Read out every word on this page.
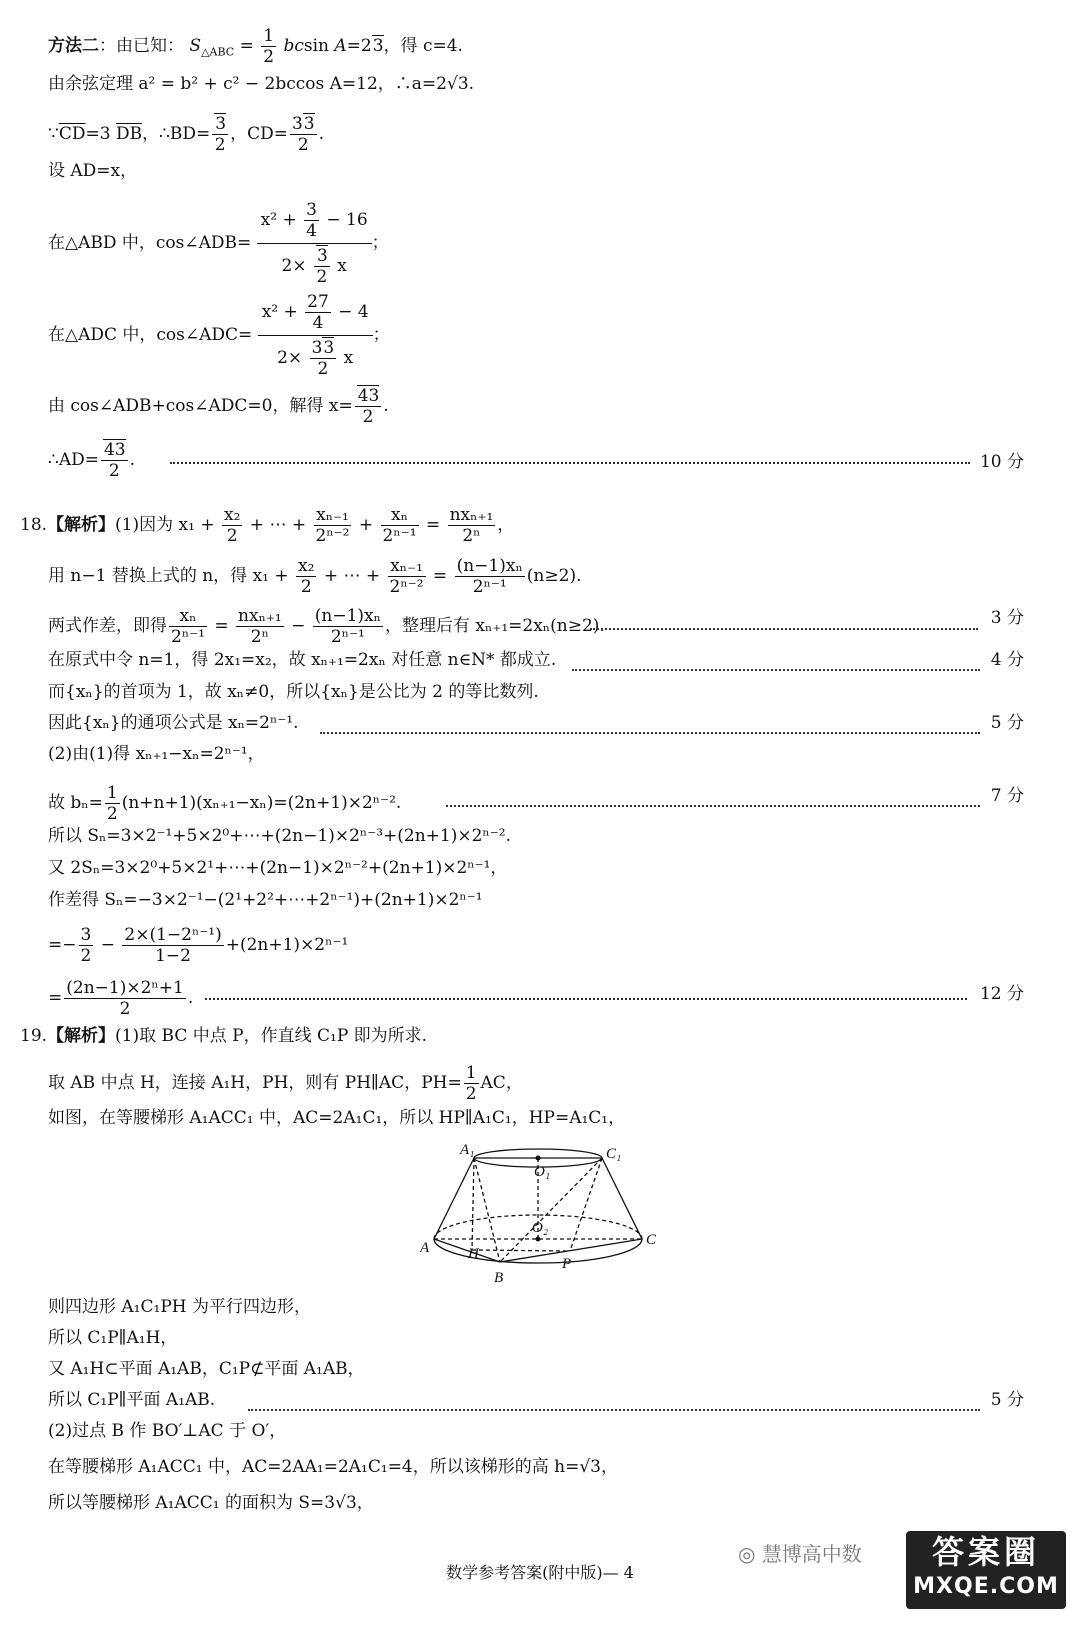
方法二：由已知： $S_{\triangle ABC} = \frac{1}{2}$ bcsin A=23，得 c=4.
由余弦定理 a² = b² + c² − 2bccos A=12，∴a=2√3.
$\because\overline{CD}=3$ $\overline{DB}$，∴BD= $\frac{3}{2}$ ，$CD= \frac{33}{2}$ .
设 AD=x，
在△ABD 中，cos∠ADB= $\frac{x^2 + \frac{3}{4} - 16}{2\times \frac{3}{2} x}$ ；
在△ADC 中，cos∠ADC= $\frac{x^2 + \frac{27}{4} - 4}{2\times \frac{33}{2} x}$ ；
由 cos∠ADB+cos∠ADC=0，解得 $x= \frac{43}{2}$ .
∴AD= $\frac{43}{2}$ .	10 分
18.【解析】(1)因为 $x_1 + \frac{\text{x₂}}{2}$ + ⋯ + $\frac{\text{xₙ₋₁}}{\text{2ⁿ⁻²}} + \frac{\text{xₙ}}{\text{2ⁿ⁻¹}} = \frac{\text{nxₙ₊₁}}{\text{2ⁿ}}$ ，
用 n−1 替换上式的 n，得 $x_1 + \frac{\text{x₂}}{2}$ + ⋯ + $\frac{\text{xₙ₋₁}}{\text{2ⁿ⁻²}} = \frac{\text{(n−1)xₙ}}{\text{2ⁿ⁻¹}} (n\ge 2)$.
两式作差，即得 $\frac{\text{xₙ}}{\text{2ⁿ⁻¹}} = \frac{\text{nxₙ₊₁}}{\text{2ⁿ}} - \frac{\text{(n−1)xₙ}}{\text{2ⁿ⁻¹}}$ ，整理后有 xₙ₊₁=2xₙ(n≥2).	3 分
在原式中令 n=1，得 2x₁=x₂，故 xₙ₊₁=2xₙ 对任意 n∈N* 都成立.	4 分
而{xₙ}的首项为 1，故 xₙ≠0，所以{xₙ}是公比为 2 的等比数列.
因此{xₙ}的通项公式是 xₙ=2ⁿ⁻¹.	5 分
(2)由(1)得 xₙ₊₁−xₙ=2ⁿ⁻¹，
故 $b_n= \frac{1}{2} (n+n+1)(x_{n+1}-x_n)=(2n+1)\times 2^{n-2}$.	7 分
所以 Sₙ=3×2⁻¹+5×2⁰+⋯+(2n−1)×2ⁿ⁻³+(2n+1)×2ⁿ⁻².
又 2Sₙ=3×2⁰+5×2¹+⋯+(2n−1)×2ⁿ⁻²+(2n+1)×2ⁿ⁻¹，
作差得 Sₙ=−3×2⁻¹−(2¹+2²+⋯+2ⁿ⁻¹)+(2n+1)×2ⁿ⁻¹
=− $\frac{3}{2} - \frac{\text{2×(1−2ⁿ⁻¹)}}{1-2} +(2n+1)\times 2^{n-1}$
= $\frac{\text{(2n−1)×2ⁿ+1}}{2}$ .	12 分
19.【解析】(1)取 BC 中点 P，作直线 C₁P 即为所求.
取 AB 中点 H，连接 A₁H，PH，则有 PH∥AC，$PH= \frac{1}{2}$ AC，
如图，在等腰梯形 A₁ACC₁ 中，AC=2A₁C₁，所以 HP∥A₁C₁，HP=A₁C₁，
A₁
O₁
C₁
O₂
A	H
P
C
B
则四边形 A₁C₁PH 为平行四边形，
所以 C₁P∥A₁H，
又 A₁H⊂平面 A₁AB，C₁P⊄平面 A₁AB，
所以 C₁P∥平面 A₁AB.	5 分
(2)过点 B 作 BO′⊥AC 于 O′，
在等腰梯形 A₁ACC₁ 中，AC=2AA₁=2A₁C₁=4，所以该梯形的高 h=√3，
所以等腰梯形 A₁ACC₁ 的面积为 S=3√3，
◎ 慧博高中数
数学参考答案(附中版)— 4
答案圈
MXQE.COM
